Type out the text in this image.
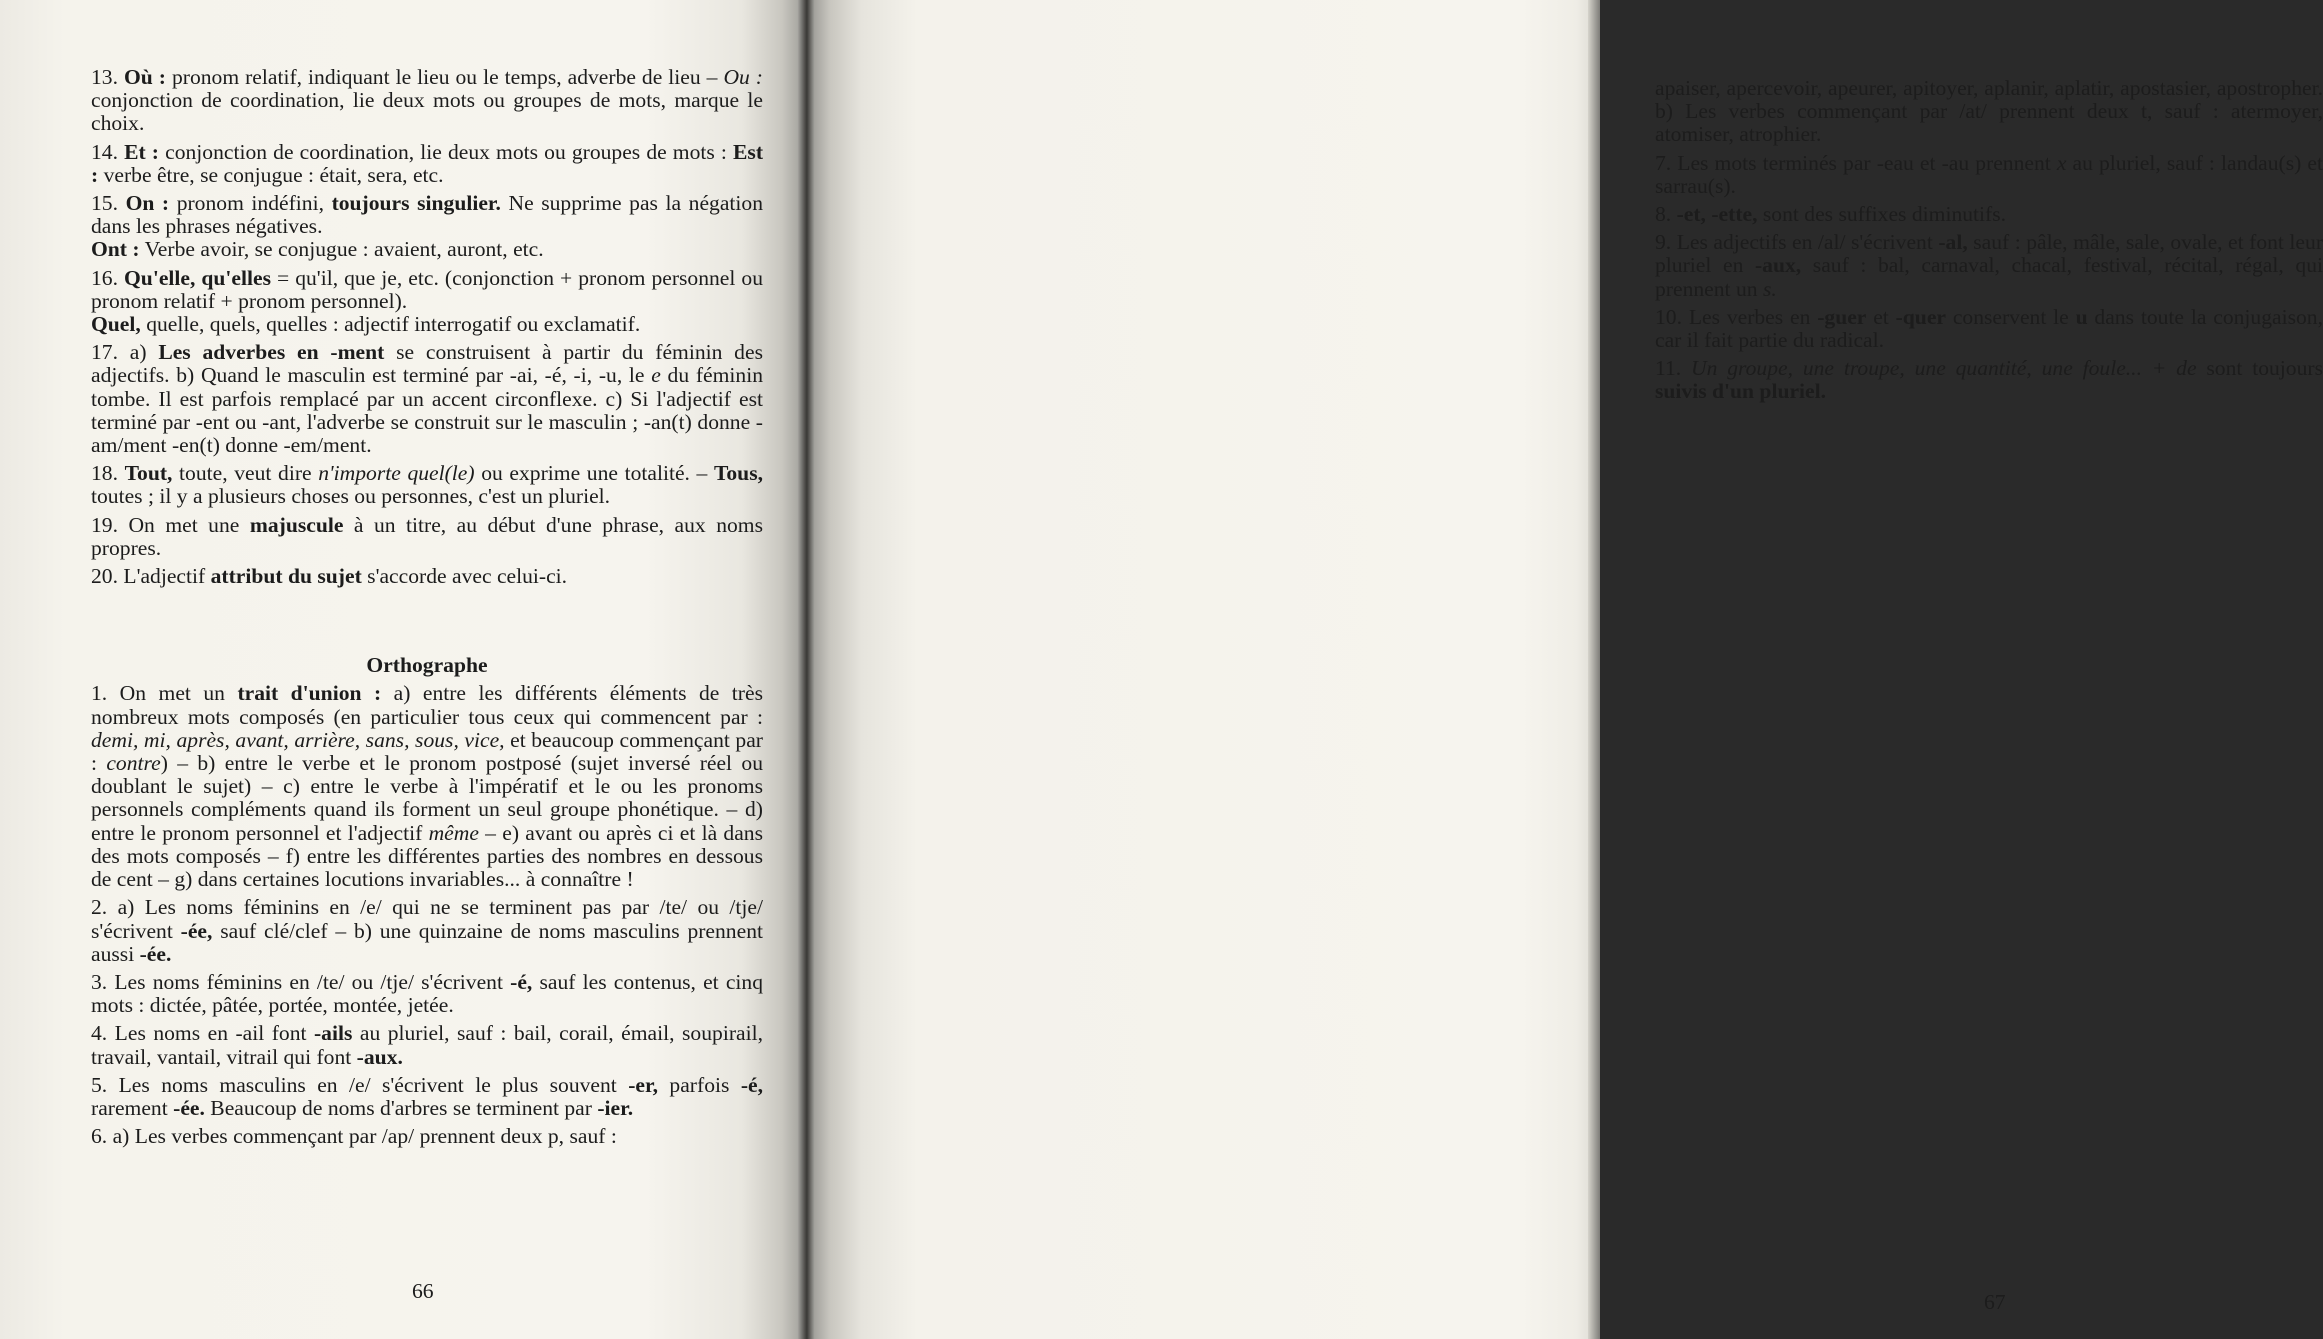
13. Où : pronom relatif, indiquant le lieu ou le temps, adverbe de lieu – Ou : conjonction de coordination, lie deux mots ou groupes de mots, marque le choix.

14. Et : conjonction de coordination, lie deux mots ou groupes de mots : Est : verbe être, se conjugue : était, sera, etc.

15. On : pronom indéfini, toujours singulier. Ne supprime pas la négation dans les phrases négatives.
Ont : Verbe avoir, se conjugue : avaient, auront, etc.

16. Qu'elle, qu'elles = qu'il, que je, etc. (conjonction + pronom personnel ou pronom relatif + pronom personnel).
Quel, quelle, quels, quelles : adjectif interrogatif ou exclamatif.

17. a) Les adverbes en -ment se construisent à partir du féminin des adjectifs. b) Quand le masculin est terminé par -ai, -é, -i, -u, le e du féminin tombe. Il est parfois remplacé par un accent circonflexe. c) Si l'adjectif est terminé par -ent ou -ant, l'adverbe se construit sur le masculin ; -an(t) donne -am/ment -en(t) donne -em/ment.

18. Tout, toute, veut dire n'importe quel(le) ou exprime une totalité. – Tous, toutes ; il y a plusieurs choses ou personnes, c'est un pluriel.

19. On met une majuscule à un titre, au début d'une phrase, aux noms propres.

20. L'adjectif attribut du sujet s'accorde avec celui-ci.

Orthographe

1. On met un trait d'union : a) entre les différents éléments de très nombreux mots composés (en particulier tous ceux qui commencent par : demi, mi, après, avant, arrière, sans, sous, vice, et beaucoup commençant par : contre) – b) entre le verbe et le pronom postposé (sujet inversé réel ou doublant le sujet) – c) entre le verbe à l'impératif et le ou les pronoms personnels compléments quand ils forment un seul groupe phonétique. – d) entre le pronom personnel et l'adjectif même – e) avant ou après ci et là dans des mots composés – f) entre les différentes parties des nombres en dessous de cent – g) dans certaines locutions invariables... à connaître !

2. a) Les noms féminins en /e/ qui ne se terminent pas par /te/ ou /tje/ s'écrivent -ée, sauf clé/clef – b) une quinzaine de noms masculins prennent aussi -ée.

3. Les noms féminins en /te/ ou /tje/ s'écrivent -é, sauf les contenus, et cinq mots : dictée, pâtée, portée, montée, jetée.

4. Les noms en -ail font -ails au pluriel, sauf : bail, corail, émail, soupirail, travail, vantail, vitrail qui font -aux.

5. Les noms masculins en /e/ s'écrivent le plus souvent -er, parfois -é, rarement -ée. Beaucoup de noms d'arbres se terminent par -ier.

6. a) Les verbes commençant par /ap/ prennent deux p, sauf :

66

apaiser, apercevoir, apeurer, apitoyer, aplanir, aplatir, apostasier, apostropher. b) Les verbes commençant par /at/ prennent deux t, sauf : atermoyer, atomiser, atrophier.

7. Les mots terminés par -eau et -au prennent x au pluriel, sauf : landau(s) et sarrau(s).

8. -et, -ette, sont des suffixes diminutifs.

9. Les adjectifs en /al/ s'écrivent -al, sauf : pâle, mâle, sale, ovale, et font leur pluriel en -aux, sauf : bal, carnaval, chacal, festival, récital, régal, qui prennent un s.

10. Les verbes en -guer et -quer conservent le u dans toute la conjugaison, car il fait partie du radical.

11. Un groupe, une troupe, une quantité, une foule... + de sont toujours suivis d'un pluriel.

67
